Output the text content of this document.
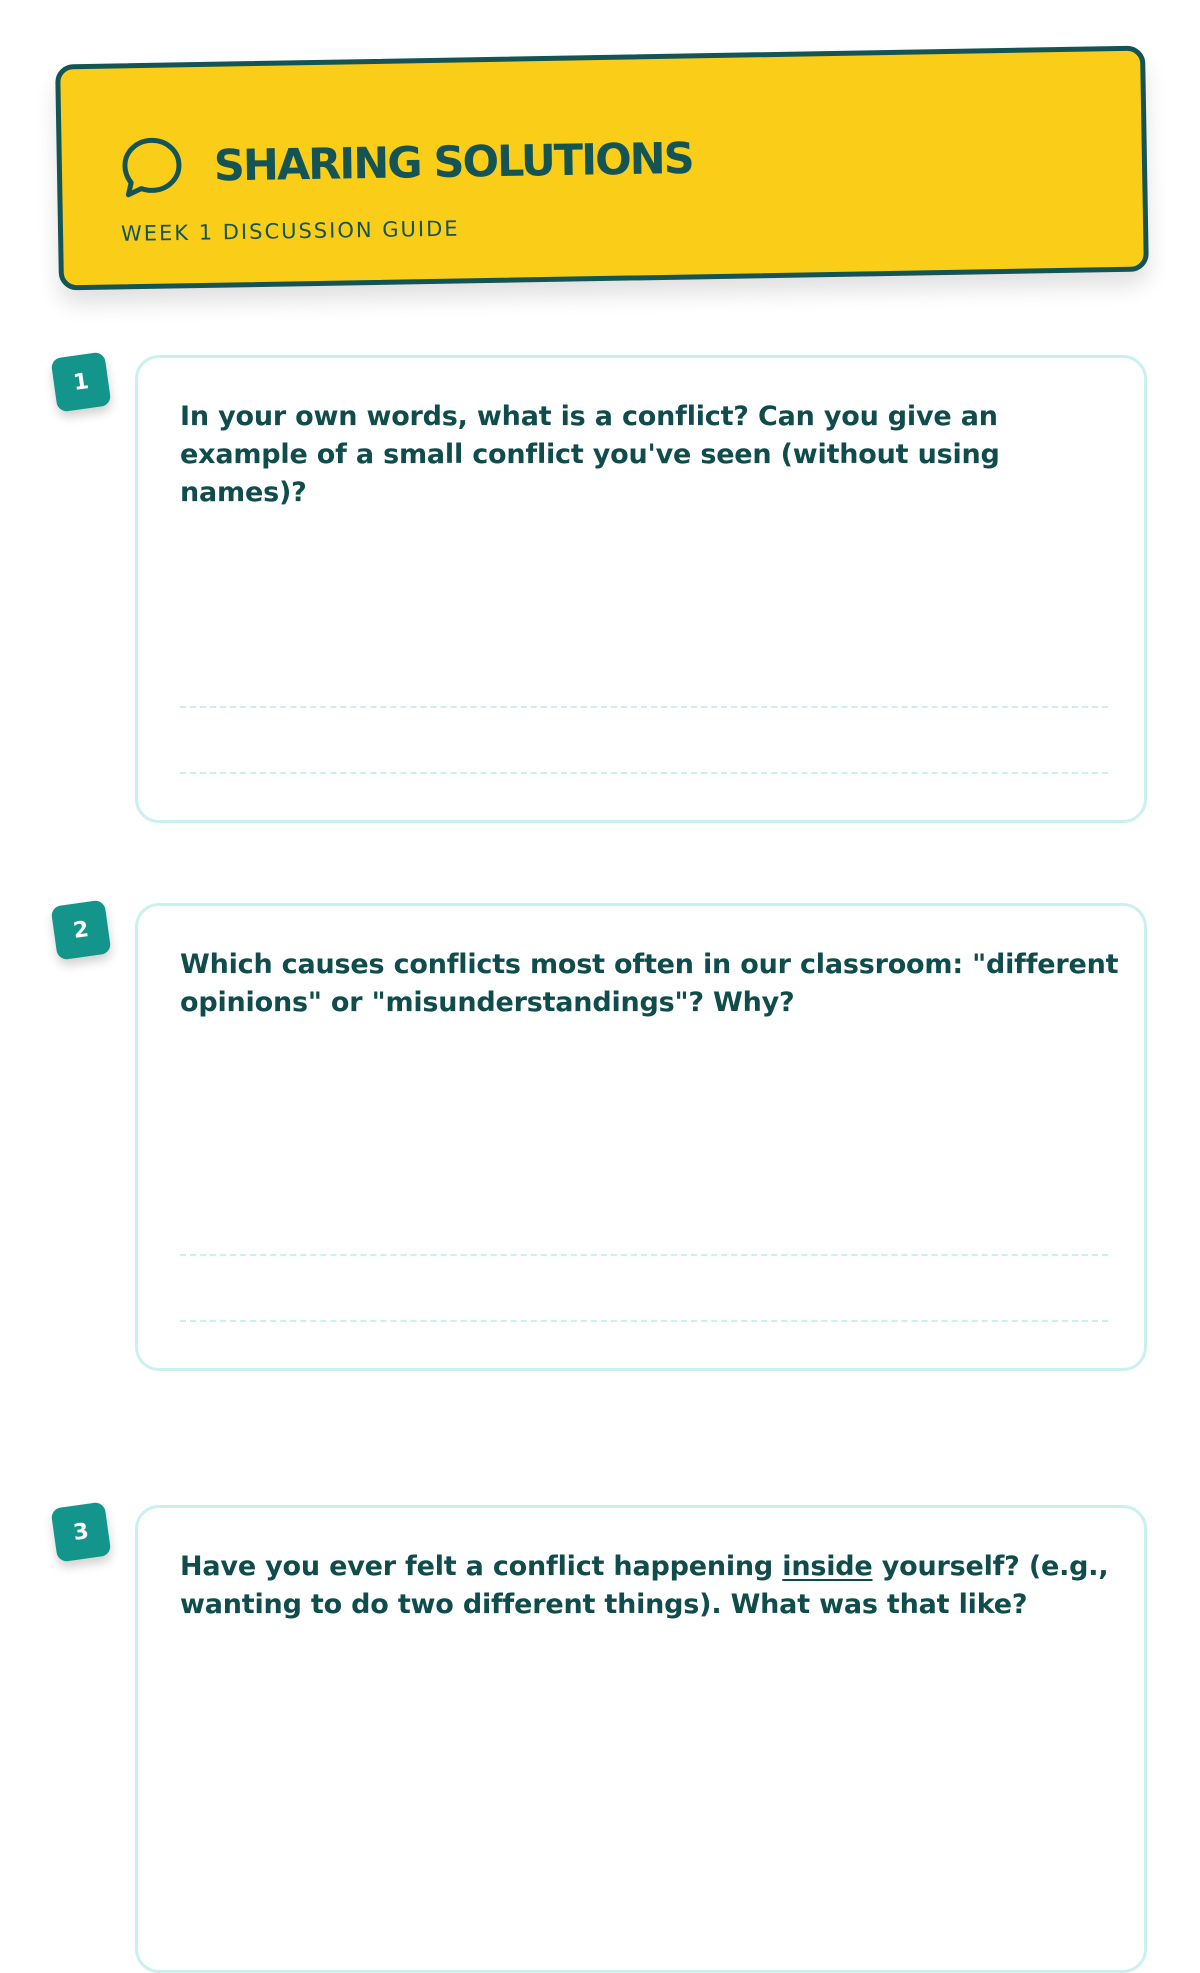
SHARING SOLUTIONS
WEEK 1 DISCUSSION GUIDE
1
In your own words, what is a conflict? Can you give an example of a small conflict you've seen (without using names)?
2
Which causes conflicts most often in our classroom: "different opinions" or "misunderstandings"? Why?
3
Have you ever felt a conflict happening inside yourself? (e.g., wanting to do two different things). What was that like?
